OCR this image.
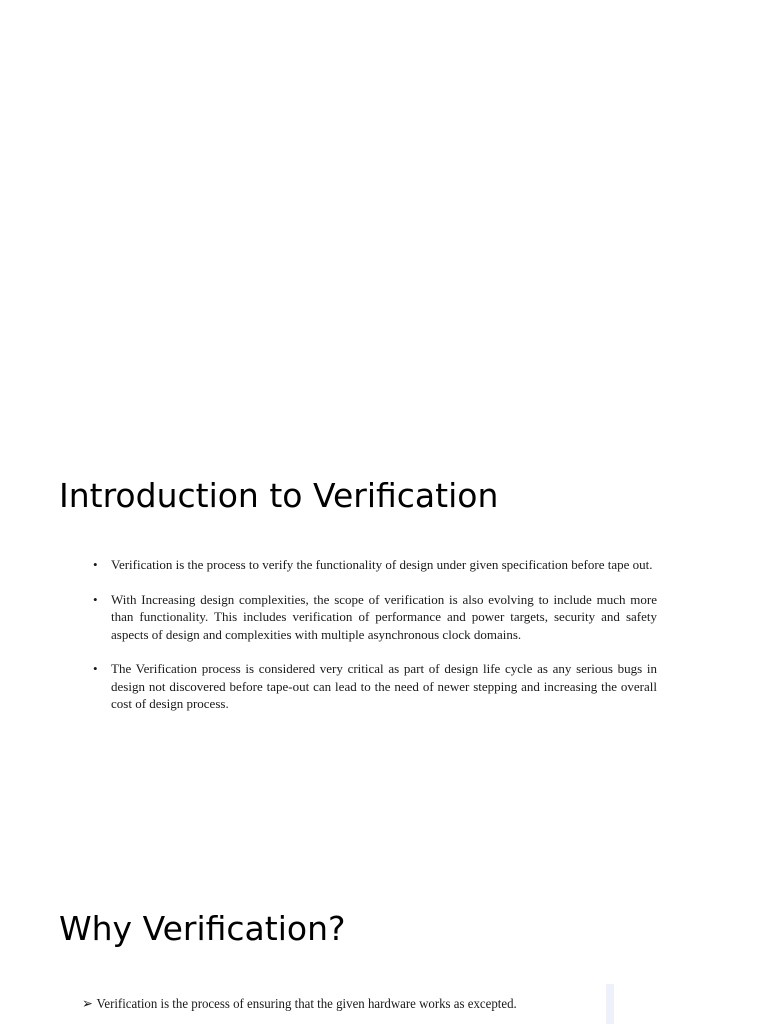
Introduction to Verification
• Verification is the process to verify the functionality of design under given specification before tape out.
• With Increasing design complexities, the scope of verification is also evolving to include much more than functionality. This includes verification of performance and power targets, security and safety aspects of design and complexities with multiple asynchronous clock domains.
• The Verification process is considered very critical as part of design life cycle as any serious bugs in design not discovered before tape-out can lead to the need of newer stepping and increasing the overall cost of design process.
Why Verification?

➢ Verification is the process of ensuring that the given hardware works as excepted.
